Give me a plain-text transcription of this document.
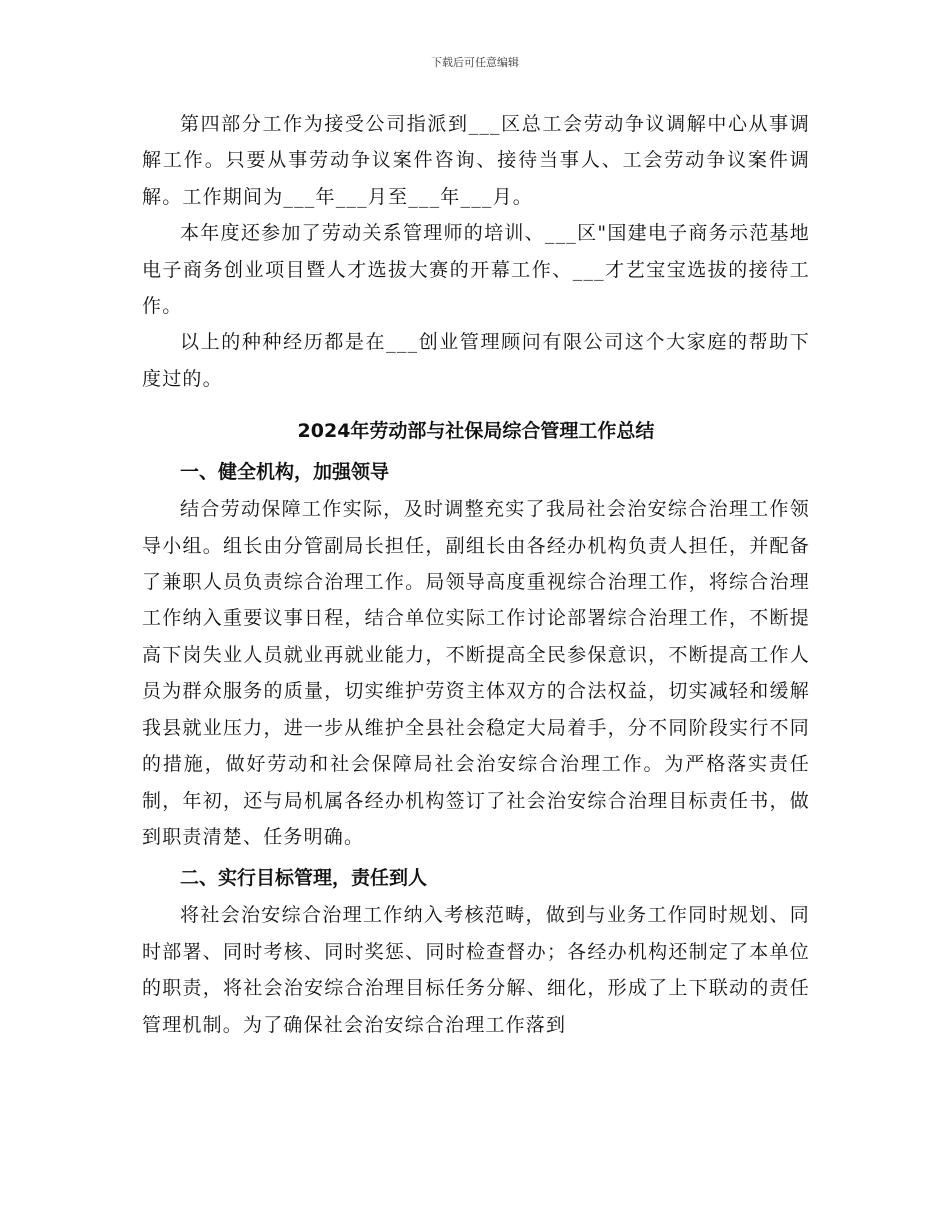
下载后可任意编辑

第四部分工作为接受公司指派到___区总工会劳动争议调解中心从事调解工作。只要从事劳动争议案件咨询、接待当事人、工会劳动争议案件调解。工作期间为___年___月至___年___月。

本年度还参加了劳动关系管理师的培训、___区"国建电子商务示范基地电子商务创业项目暨人才选拔大赛的开幕工作、___才艺宝宝选拔的接待工作。

以上的种种经历都是在___创业管理顾问有限公司这个大家庭的帮助下度过的。

2024年劳动部与社保局综合管理工作总结
一、健全机构，加强领导

结合劳动保障工作实际，及时调整充实了我局社会治安综合治理工作领导小组。组长由分管副局长担任，副组长由各经办机构负责人担任，并配备了兼职人员负责综合治理工作。局领导高度重视综合治理工作，将综合治理工作纳入重要议事日程，结合单位实际工作讨论部署综合治理工作，不断提高下岗失业人员就业再就业能力，不断提高全民参保意识，不断提高工作人员为群众服务的质量，切实维护劳资主体双方的合法权益，切实减轻和缓解我县就业压力，进一步从维护全县社会稳定大局着手，分不同阶段实行不同的措施，做好劳动和社会保障局社会治安综合治理工作。为严格落实责任制，年初，还与局机属各经办机构签订了社会治安综合治理目标责任书，做到职责清楚、任务明确。

二、实行目标管理，责任到人

将社会治安综合治理工作纳入考核范畴，做到与业务工作同时规划、同时部署、同时考核、同时奖惩、同时检查督办；各经办机构还制定了本单位的职责，将社会治安综合治理目标任务分解、细化，形成了上下联动的责任管理机制。为了确保社会治安综合治理工作落到
